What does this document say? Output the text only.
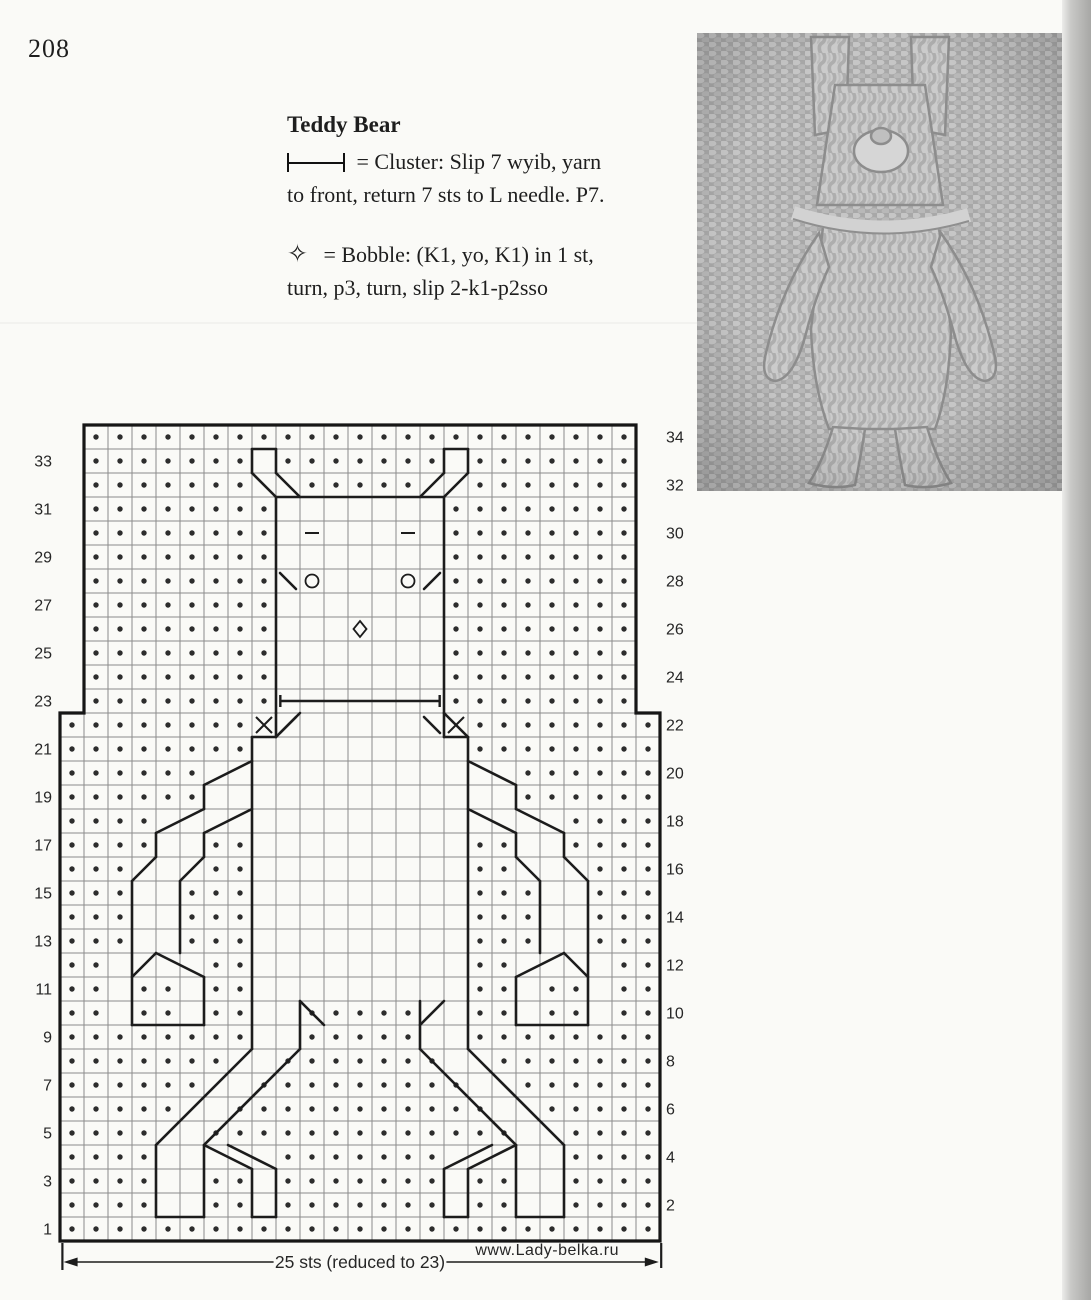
208
Teddy Bear
= Cluster: Slip 7 wyib, yarn
to front, return 7 sts to L needle. P7.
✧ = Bobble: (K1, yo, K1) in 1 st,
turn, p3, turn, slip 2-k1-p2sso
33
31
29
27
25
23
21
19
17
15
13
11
9
7
5
3
1
34
32
30
28
26
24
22
20
18
16
14
12
10
8
6
4
2
25 sts (reduced to 23)
www.Lady-belka.ru
